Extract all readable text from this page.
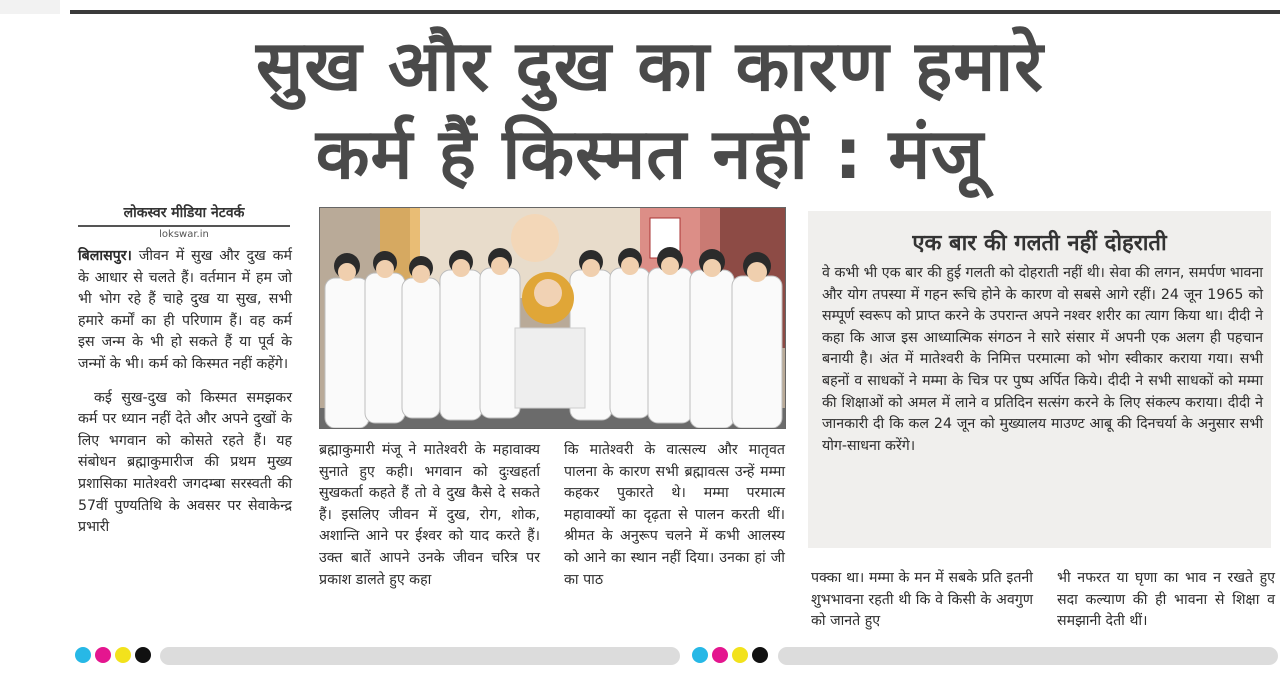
सुख और दुख का कारण हमारे
कर्म हैं किस्मत नहीं : मंजू
लोकस्वर मीडिया नेटवर्क
lokswar.in

बिलासपुर। जीवन में सुख और दुख कर्म के आधार से चलते हैं। वर्तमान में हम जो भी भोग रहे हैं चाहे दुख या सुख, सभी हमारे कर्मों का ही परिणाम हैं। वह कर्म इस जन्म के भी हो सकते हैं या पूर्व के जन्मों के भी। कर्म को किस्मत नहीं कहेंगे।

कई सुख-दुख को किस्मत समझकर कर्म पर ध्यान नहीं देते और अपने दुखों के लिए भगवान को कोसते रहते हैं। यह संबोधन ब्रह्माकुमारीज की प्रथम मुख्य प्रशासिका मातेश्वरी जगदम्बा सरस्वती की 57वीं पुण्यतिथि के अवसर पर सेवाकेन्द्र प्रभारी

ब्रह्माकुमारी मंजू ने मातेश्वरी के महावाक्य सुनाते हुए कही। भगवान को दुःखहर्ता सुखकर्ता कहते हैं तो वे दुख कैसे दे सकते हैं। इसलिए जीवन में दुख, रोग, शोक, अशान्ति आने पर ईश्वर को याद करते हैं। उक्त बातें आपने उनके जीवन चरित्र पर प्रकाश डालते हुए कहा
कि मातेश्वरी के वात्सल्य और मातृवत पालना के कारण सभी ब्रह्मावत्स उन्हें मम्मा कहकर पुकारते थे। मम्मा परमात्म महावाक्यों का दृढ़ता से पालन करती थीं। श्रीमत के अनुरूप चलने में कभी आलस्य को आने का स्थान नहीं दिया। उनका हां जी का पाठ
एक बार की गलती नहीं दोहराती
वे कभी भी एक बार की हुई गलती को दोहराती नहीं थी। सेवा की लगन, समर्पण भावना और योग तपस्या में गहन रूचि होने के कारण वो सबसे आगे रहीं। 24 जून 1965 को सम्पूर्ण स्वरूप को प्राप्त करने के उपरान्त अपने नश्वर शरीर का त्याग किया था। दीदी ने कहा कि आज इस आध्यात्मिक संगठन ने सारे संसार में अपनी एक अलग ही पहचान बनायी है। अंत में मातेश्वरी के निमित्त परमात्मा को भोग स्वीकार कराया गया। सभी बहनों व साधकों ने मम्मा के चित्र पर पुष्प अर्पित किये। दीदी ने सभी साधकों को मम्मा की शिक्षाओं को अमल में लाने व प्रतिदिन सत्संग करने के लिए संकल्प कराया। दीदी ने जानकारी दी कि कल 24 जून को मुख्यालय माउण्ट आबू की दिनचर्या के अनुसार सभी योग-साधना करेंगे।
पक्का था। मम्मा के मन में सबके प्रति इतनी शुभभावना रहती थी कि वे किसी के अवगुण को जानते हुए
भी नफरत या घृणा का भाव न रखते हुए सदा कल्याण की ही भावना से शिक्षा व समझानी देती थीं।
